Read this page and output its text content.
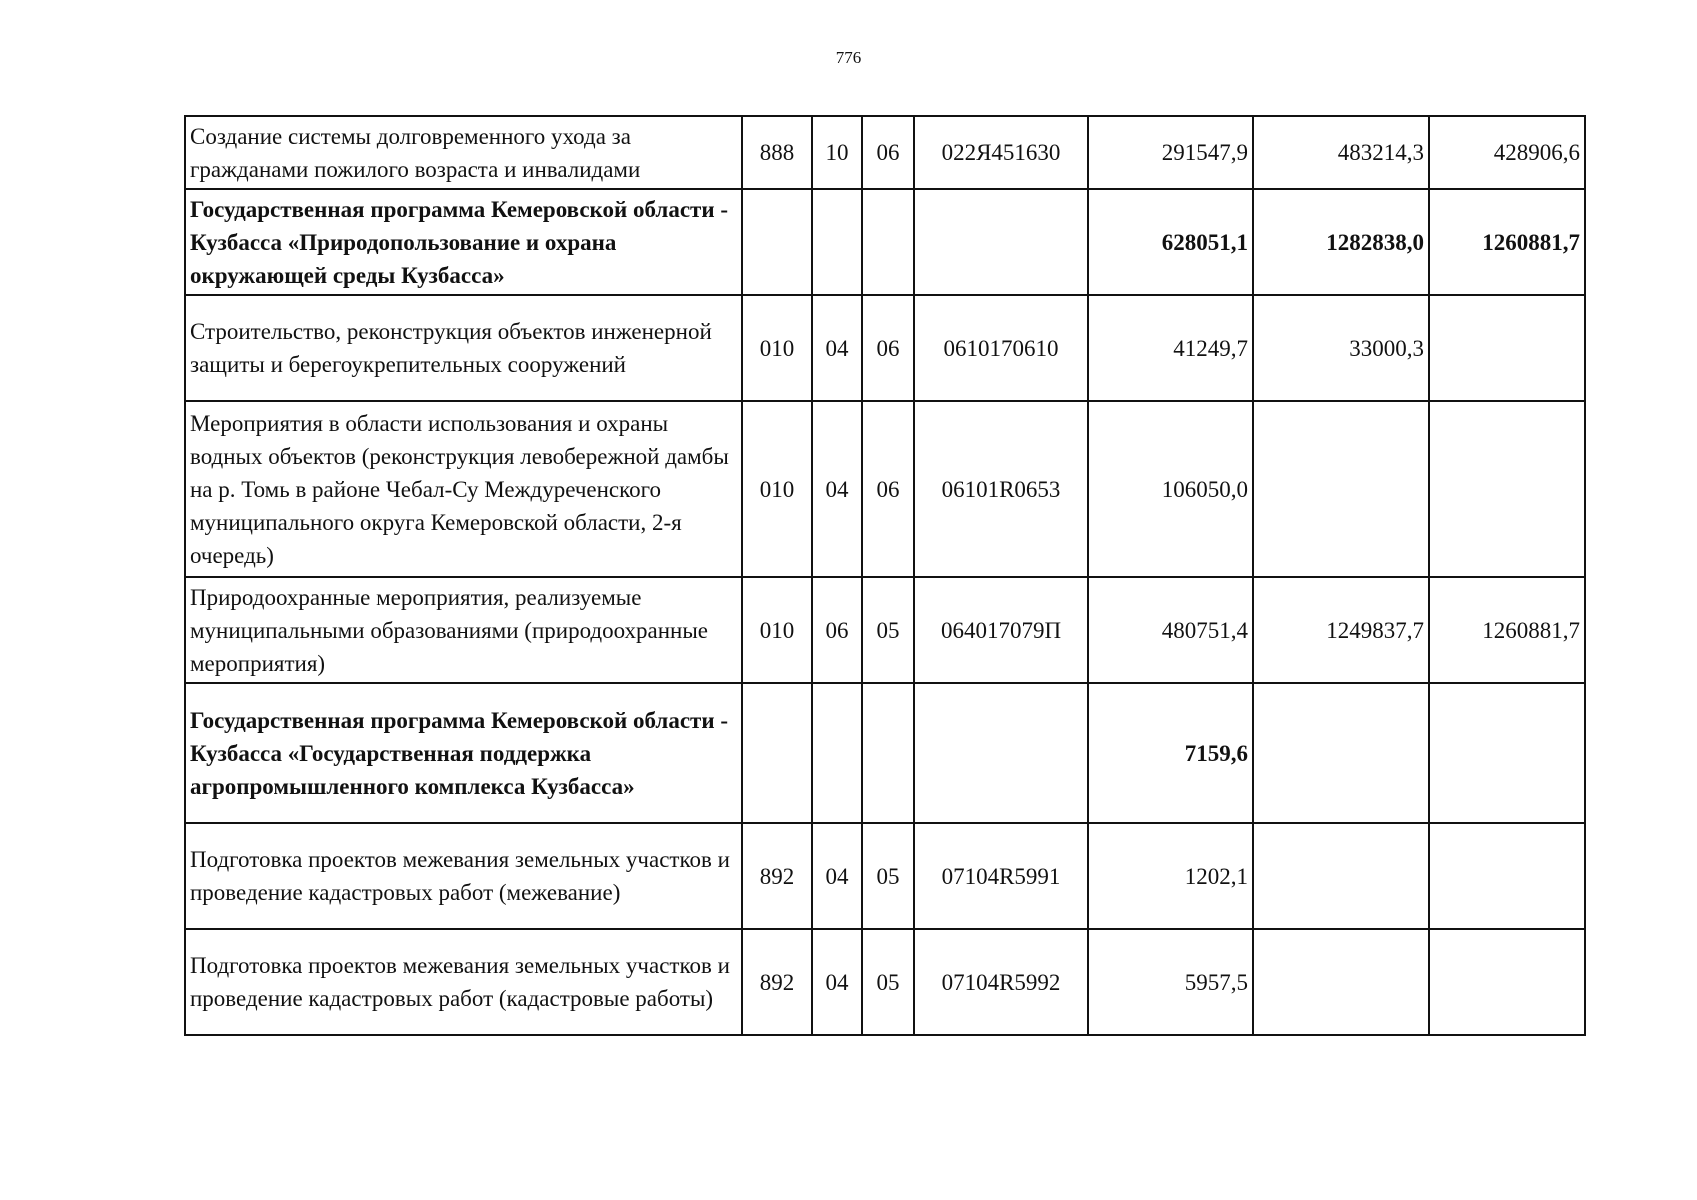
776
Создание системы долговременного ухода за гражданами пожилого возраста и инвалидами	888	10	06	022Я451630	291547,9	483214,3	428906,6
Государственная программа Кемеровской области - Кузбасса «Природопользование и охрана окружающей среды Кузбасса»					628051,1	1282838,0	1260881,7
Строительство, реконструкция объектов инженерной защиты и берегоукрепительных сооружений	010	04	06	0610170610	41249,7	33000,3	
Мероприятия в области использования и охраны водных объектов (реконструкция левобережной дамбы на р. Томь в районе Чебал-Су Междуреченского муниципального округа Кемеровской области, 2-я очередь)	010	04	06	06101R0653	106050,0		
Природоохранные мероприятия, реализуемые муниципальными образованиями (природоохранные мероприятия)	010	06	05	064017079П	480751,4	1249837,7	1260881,7
Государственная программа Кемеровской области - Кузбасса «Государственная поддержка агропромышленного комплекса Кузбасса»					7159,6		
Подготовка проектов межевания земельных участков и проведение кадастровых работ (межевание)	892	04	05	07104R5991	1202,1		
Подготовка проектов межевания земельных участков и проведение кадастровых работ (кадастровые работы)	892	04	05	07104R5992	5957,5		
